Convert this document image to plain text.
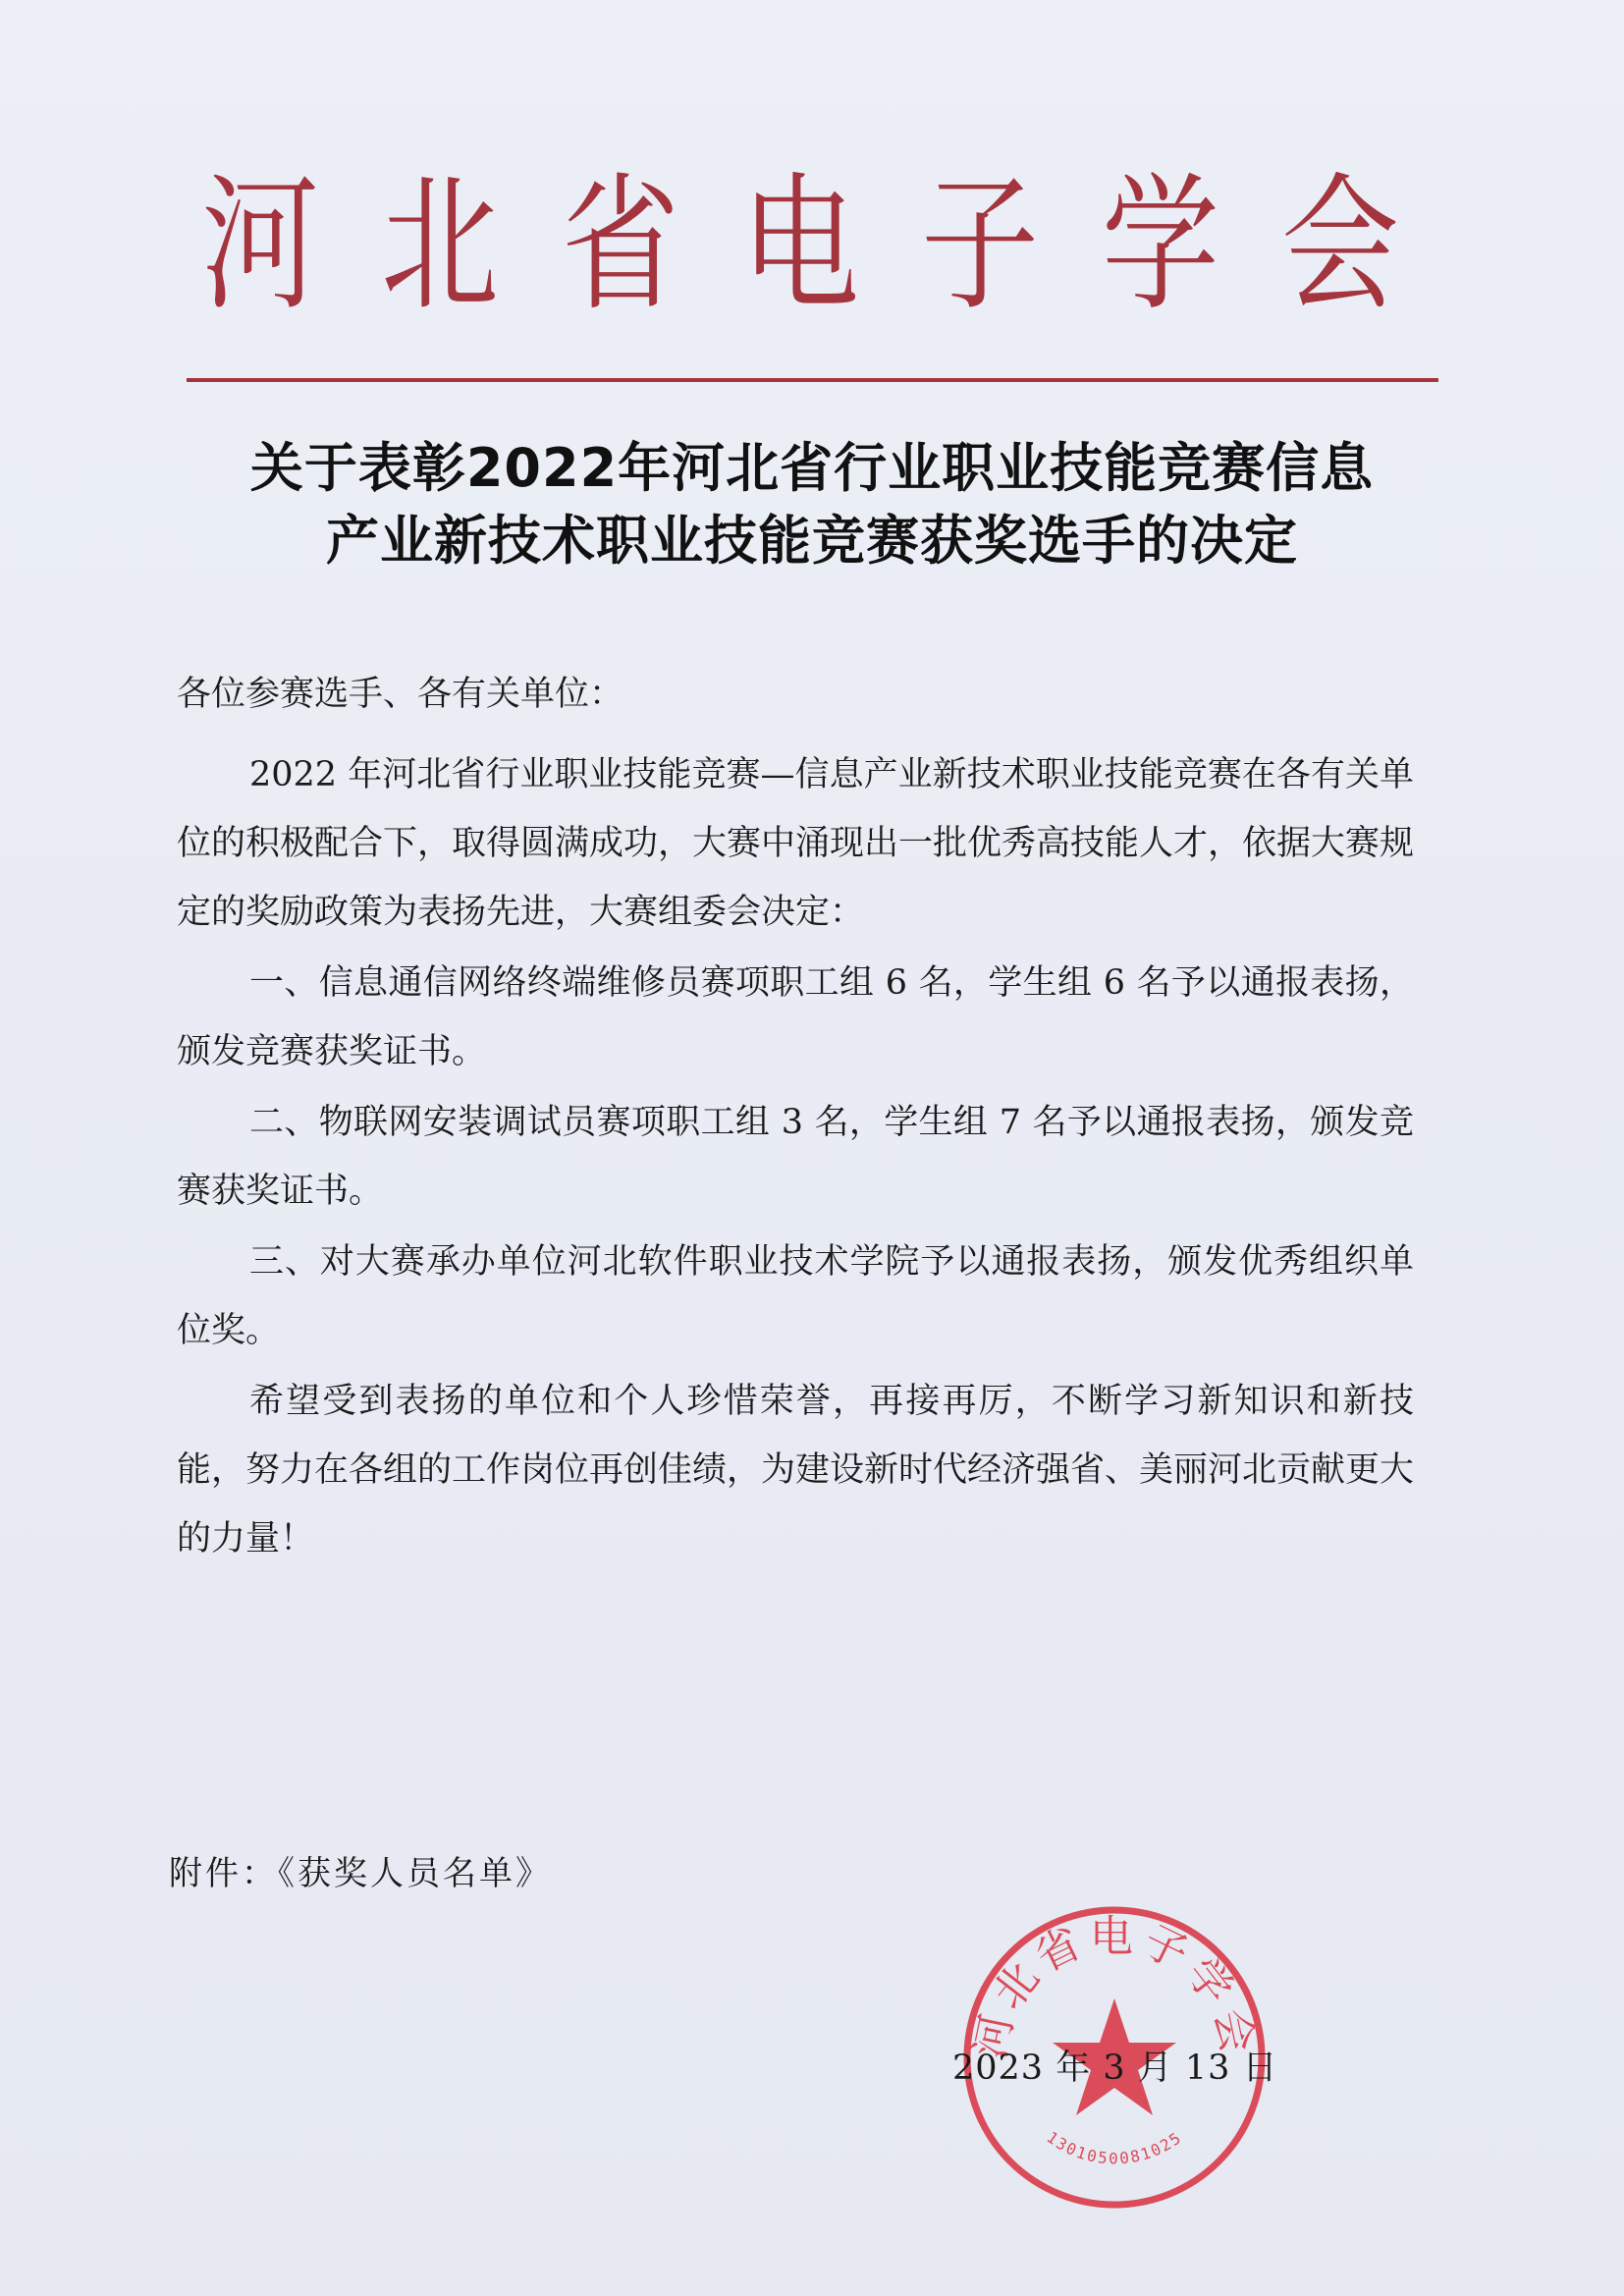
河 北 省 电 子 学 会
关于表彰2022年河北省行业职业技能竞赛信息
产业新技术职业技能竞赛获奖选手的决定

各位参赛选手、各有关单位：

2022 年河北省行业职业技能竞赛—信息产业新技术职业技能竞赛在各有关单位的积极配合下，取得圆满成功，大赛中涌现出一批优秀高技能人才，依据大赛规定的奖励政策为表扬先进，大赛组委会决定：

一、信息通信网络终端维修员赛项职工组 6 名，学生组 6 名予以通报表扬，颁发竞赛获奖证书。

二、物联网安装调试员赛项职工组 3 名，学生组 7 名予以通报表扬，颁发竞赛获奖证书。

三、对大赛承办单位河北软件职业技术学院予以通报表扬，颁发优秀组织单位奖。

希望受到表扬的单位和个人珍惜荣誉，再接再厉，不断学习新知识和新技能，努力在各组的工作岗位再创佳绩，为建设新时代经济强省、美丽河北贡献更大的力量！

附件：《获奖人员名单》
河北省电子学会
1301050081025
2023 年 3 月 13 日
